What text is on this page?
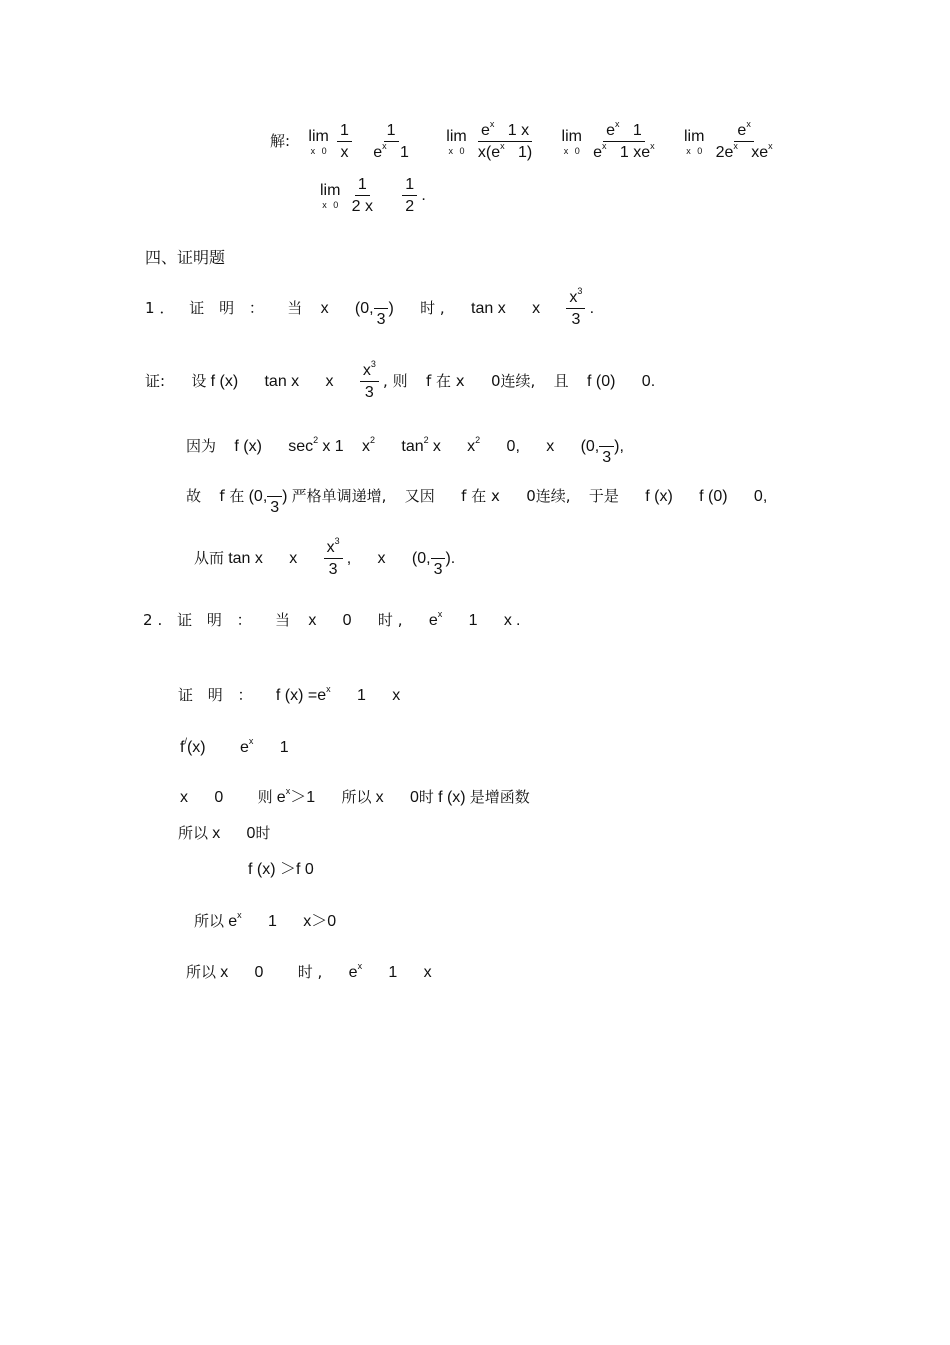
解: lim
x 0
$\frac{1}{x}$
$\frac{1}{e^x 1}$
lim
x 0
$\frac{e^x 1 x}{x(e^x 1)}$
lim
x 0
$\frac{e^x 1}{e^x 1 xe^x}$
lim
x 0
$\frac{e^x}{2e^x xe^x}$
lim
x 0
$\frac{1}{2 x}$
$\frac{1}{2}$ .
四、证明题
1． 证 明 ： 当 x (0,

3
) 时 , tan x x $\frac{x^3}{3}$ .
证: 设 f (x) tan x x $\frac{x^3}{3}$ , 则 f 在 x 0连续, 且 f (0) 0.
因为 f (x) $\sec^2 x$ 1 $x^2$ $\tan^2 x$ $x^2$ 0, x (0,

3
),
故 f 在 (0,

3
) 严格单调递增, 又因 f 在 x 0连续, 于是 f (x) f (0) 0,
从而 tan x x $\frac{x^3}{3}$ , x (0,

3
).
2. 证 明 ： 当 x 0 时 , $e^x$ 1 x .
证 明 ： f $(x) =e^x$ 1 x
f/(x) $e^x$ 1
x 0 则 $e^x>1$ 所以 x 0时 f (x) 是增函数
所以 x 0时
f (x) ＞f 0
所以 $e^x$ 1 x＞0
所以 x 0 时 , $e^x$ 1 x
